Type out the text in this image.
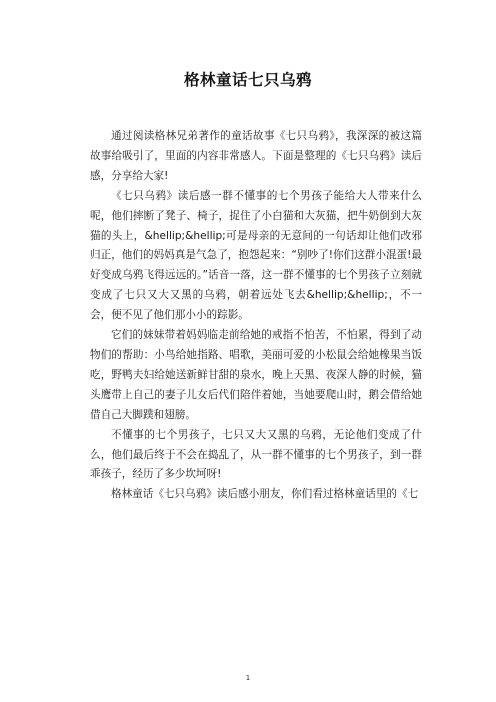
格林童话七只乌鸦

通过阅读格林兄弟著作的童话故事《七只乌鸦》，我深深的被这篇故事给吸引了，里面的内容非常感人。下面是整理的《七只乌鸦》读后感，分享给大家!

《七只乌鸦》读后感一群不懂事的七个男孩子能给大人带来什么呢，他们摔断了凳子、椅子，捉住了小白猫和大灰猫，把牛奶倒到大灰猫的头上，&hellip;&hellip;可是母亲的无意间的一句话却让他们改邪归正，他们的妈妈真是气急了，抱怨起来：“别吵了!你们这群小混蛋!最好变成乌鸦飞得远远的。”话音一落，这一群不懂事的七个男孩子立刻就变成了七只又大又黑的乌鸦，朝着远处飞去&hellip;&hellip;，不一会，便不见了他们那小小的踪影。

它们的妹妹带着妈妈临走前给她的戒指不怕苦，不怕累，得到了动物们的帮助：小鸟给她指路、唱歌，美丽可爱的小松鼠会给她橡果当饭吃，野鸭夫妇给她送新鲜甘甜的泉水，晚上天黑、夜深人静的时候，猫头鹰带上自己的妻子儿女后代们陪伴着她，当她要爬山时，鹅会借给她借自己大脚蹼和翅膀。

不懂事的七个男孩子，七只又大又黑的乌鸦，无论他们变成了什么，他们最后终于不会在捣乱了，从一群不懂事的七个男孩子，到一群乖孩子，经历了多少坎坷呀!

格林童话《七只乌鸦》读后感小朋友，你们看过格林童话里的《七

1
